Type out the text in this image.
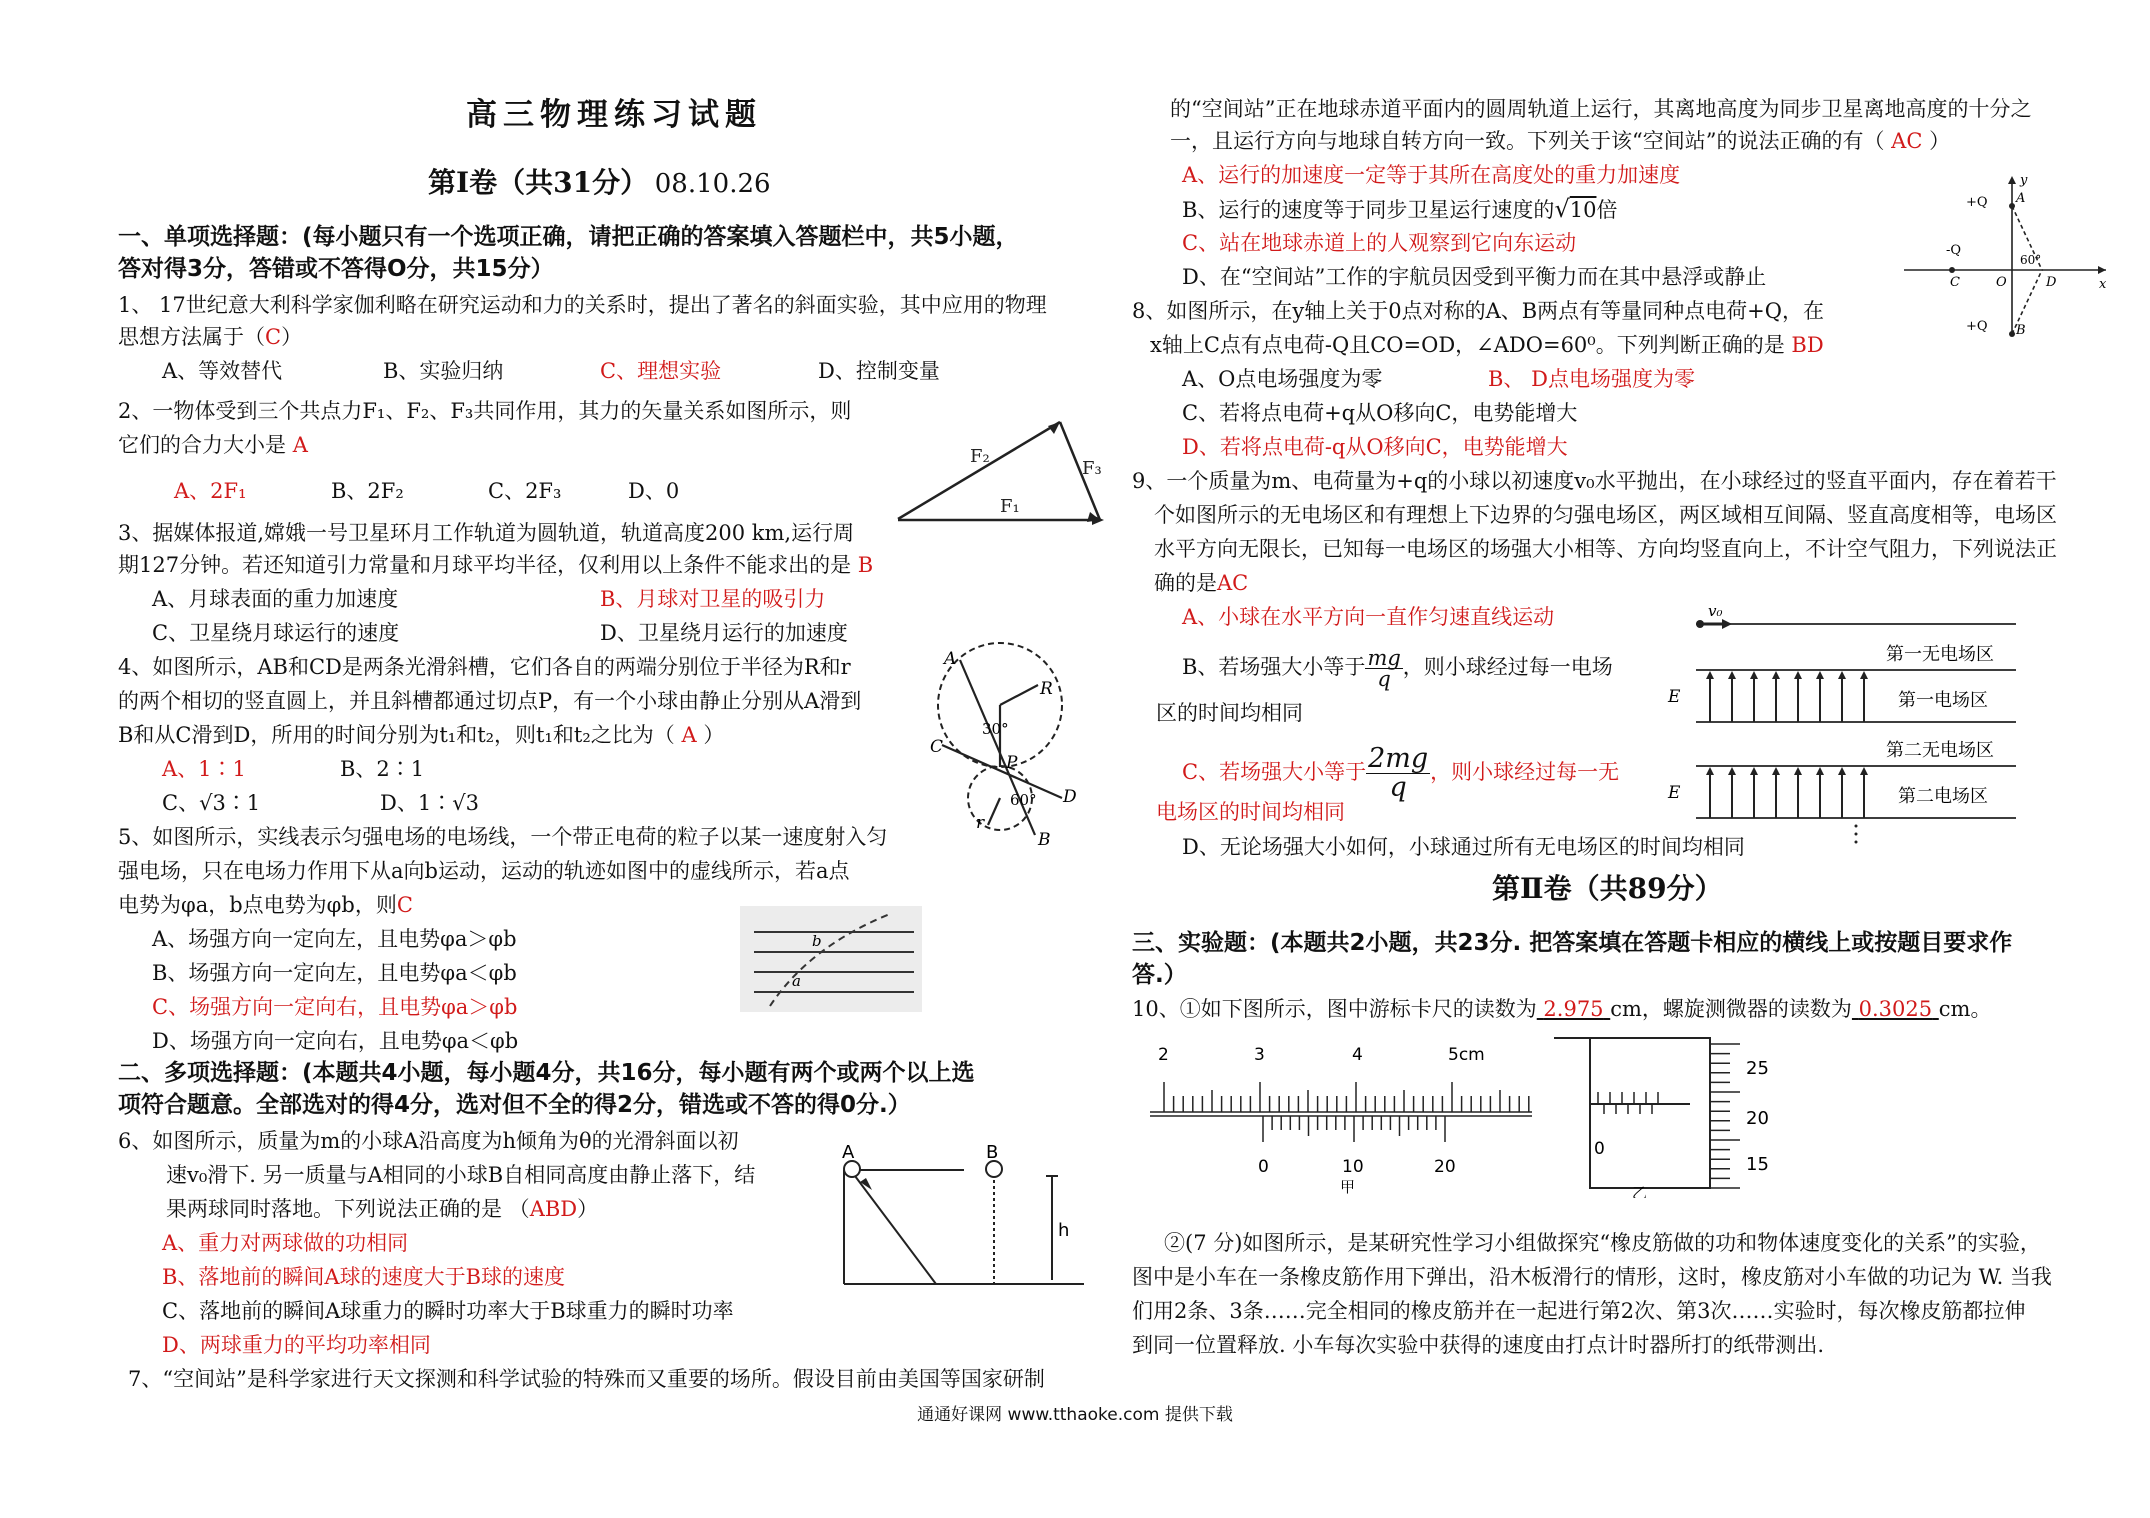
高三物理练习试题
第Ⅰ卷（共31分） 08.10.26
一、单项选择题：(每小题只有一个选项正确，请把正确的答案填入答题栏中，共5小题，
答对得3分，答错或不答得O分，共15分）
1、 17世纪意大利科学家伽利略在研究运动和力的关系时，提出了著名的斜面实验，其中应用的物理
思想方法属于（C）
A、等效替代	B、实验归纳	C、理想实验	D、控制变量
2、一物体受到三个共点力F₁、F₂、F₃共同作用，其力的矢量关系如图所示，则
它们的合力大小是 A
A、2F₁	B、2F₂	C、2F₃	D、0
3、据媒体报道,嫦娥一号卫星环月工作轨道为圆轨道，轨道高度200 km,运行周
期127分钟。若还知道引力常量和月球平均半径，仅利用以上条件不能求出的是 B
A、月球表面的重力加速度	B、月球对卫星的吸引力
C、卫星绕月球运行的速度	D、卫星绕月运行的加速度
4、如图所示，AB和CD是两条光滑斜槽，它们各自的两端分别位于半径为R和r
的两个相切的竖直圆上，并且斜槽都通过切点P，有一个小球由静止分别从A滑到
B和从C滑到D，所用的时间分别为t₁和t₂，则t₁和t₂之比为（ A ）
A、1∶1	B、2∶1
C、√3∶1	D、1∶√3
5、如图所示，实线表示匀强电场的电场线，一个带正电荷的粒子以某一速度射入匀
强电场，只在电场力作用下从a向b运动，运动的轨迹如图中的虚线所示，若a点
电势为φa，b点电势为φb，则C
A、场强方向一定向左，且电势φa＞φb
B、场强方向一定向左，且电势φa＜φb
C、场强方向一定向右，且电势φa＞φb
D、场强方向一定向右，且电势φa＜φb
二、多项选择题：(本题共4小题，每小题4分，共16分，每小题有两个或两个以上选
项符合题意。全部选对的得4分，选对但不全的得2分，错选或不答的得0分.）
6、如图所示，质量为m的小球A沿高度为h倾角为θ的光滑斜面以初
速v₀滑下. 另一质量与A相同的小球B自相同高度由静止落下，结
果两球同时落地。下列说法正确的是 （ABD）
A、重力对两球做的功相同
B、落地前的瞬间A球的速度大于B球的速度
C、落地前的瞬间A球重力的瞬时功率大于B球重力的瞬时功率
D、两球重力的平均功率相同
7、“空间站”是科学家进行天文探测和科学试验的特殊而又重要的场所。假设目前由美国等国家研制
F₂
F₃
F₁
A
R
30°
C
P
60° D
r
B
b
a
A	B
h
的“空间站”正在地球赤道平面内的圆周轨道上运行，其离地高度为同步卫星离地高度的十分之
一，且运行方向与地球自转方向一致。下列关于该“空间站”的说法正确的有（ AC ）
A、运行的加速度一定等于其所在高度处的重力加速度
B、运行的速度等于同步卫星运行速度的√10倍
C、站在地球赤道上的人观察到它向东运动
D、在“空间站”工作的宇航员因受到平衡力而在其中悬浮或静止
8、如图所示，在y轴上关于0点对称的A、B两点有等量同种点电荷+Q，在
x轴上C点有点电荷-Q且CO=OD，∠ADO=60⁰。下列判断正确的是 BD
A、O点电场强度为零	B、 D点电场强度为零
C、若将点电荷+q从O移向C，电势能增大
D、若将点电荷-q从O移向C，电势能增大
9、一个质量为m、电荷量为+q的小球以初速度v₀水平抛出，在小球经过的竖直平面内，存在着若干
个如图所示的无电场区和有理想上下边界的匀强电场区，两区域相互间隔、竖直高度相等，电场区
水平方向无限长，已知每一电场区的场强大小相等、方向均竖直向上，不计空气阻力，下列说法正
确的是AC
A、小球在水平方向一直作匀速直线运动
B、若场强大小等于 $\frac{mg}{q}$ ，则小球经过每一电场
区的时间均相同
C、若场强大小等于 $\frac{2mg}{q}$ ，则小球经过每一无
电场区的时间均相同
D、无论场强大小如何，小球通过所有无电场区的时间均相同
第Ⅱ卷（共89分）
三、实验题：(本题共2小题，共23分. 把答案填在答题卡相应的横线上或按题目要求作
答.）
10、①如下图所示，图中游标卡尺的读数为 2.975 cm，螺旋测微器的读数为 0.3025 cm。
②(7 分)如图所示，是某研究性学习小组做探究“橡皮筋做的功和物体速度变化的关系”的实验，
图中是小车在一条橡皮筋作用下弹出，沿木板滑行的情形，这时，橡皮筋对小车做的功记为 W. 当我
们用2条、3条……完全相同的橡皮筋并在一起进行第2次、第3次……实验时，每次橡皮筋都拉伸
到同一位置释放. 小车每次实验中获得的速度由打点计时器所打的纸带测出.
y
x
+Q A
-Q
C	O	D
60°
+Q B
v₀
E
E
第一无电场区
第一电场区
第二无电场区
第二电场区
2	3	4	5cm
0	10	20
甲
0
25
20
15
乙
通通好课网 www.tthaoke.com 提供下载
